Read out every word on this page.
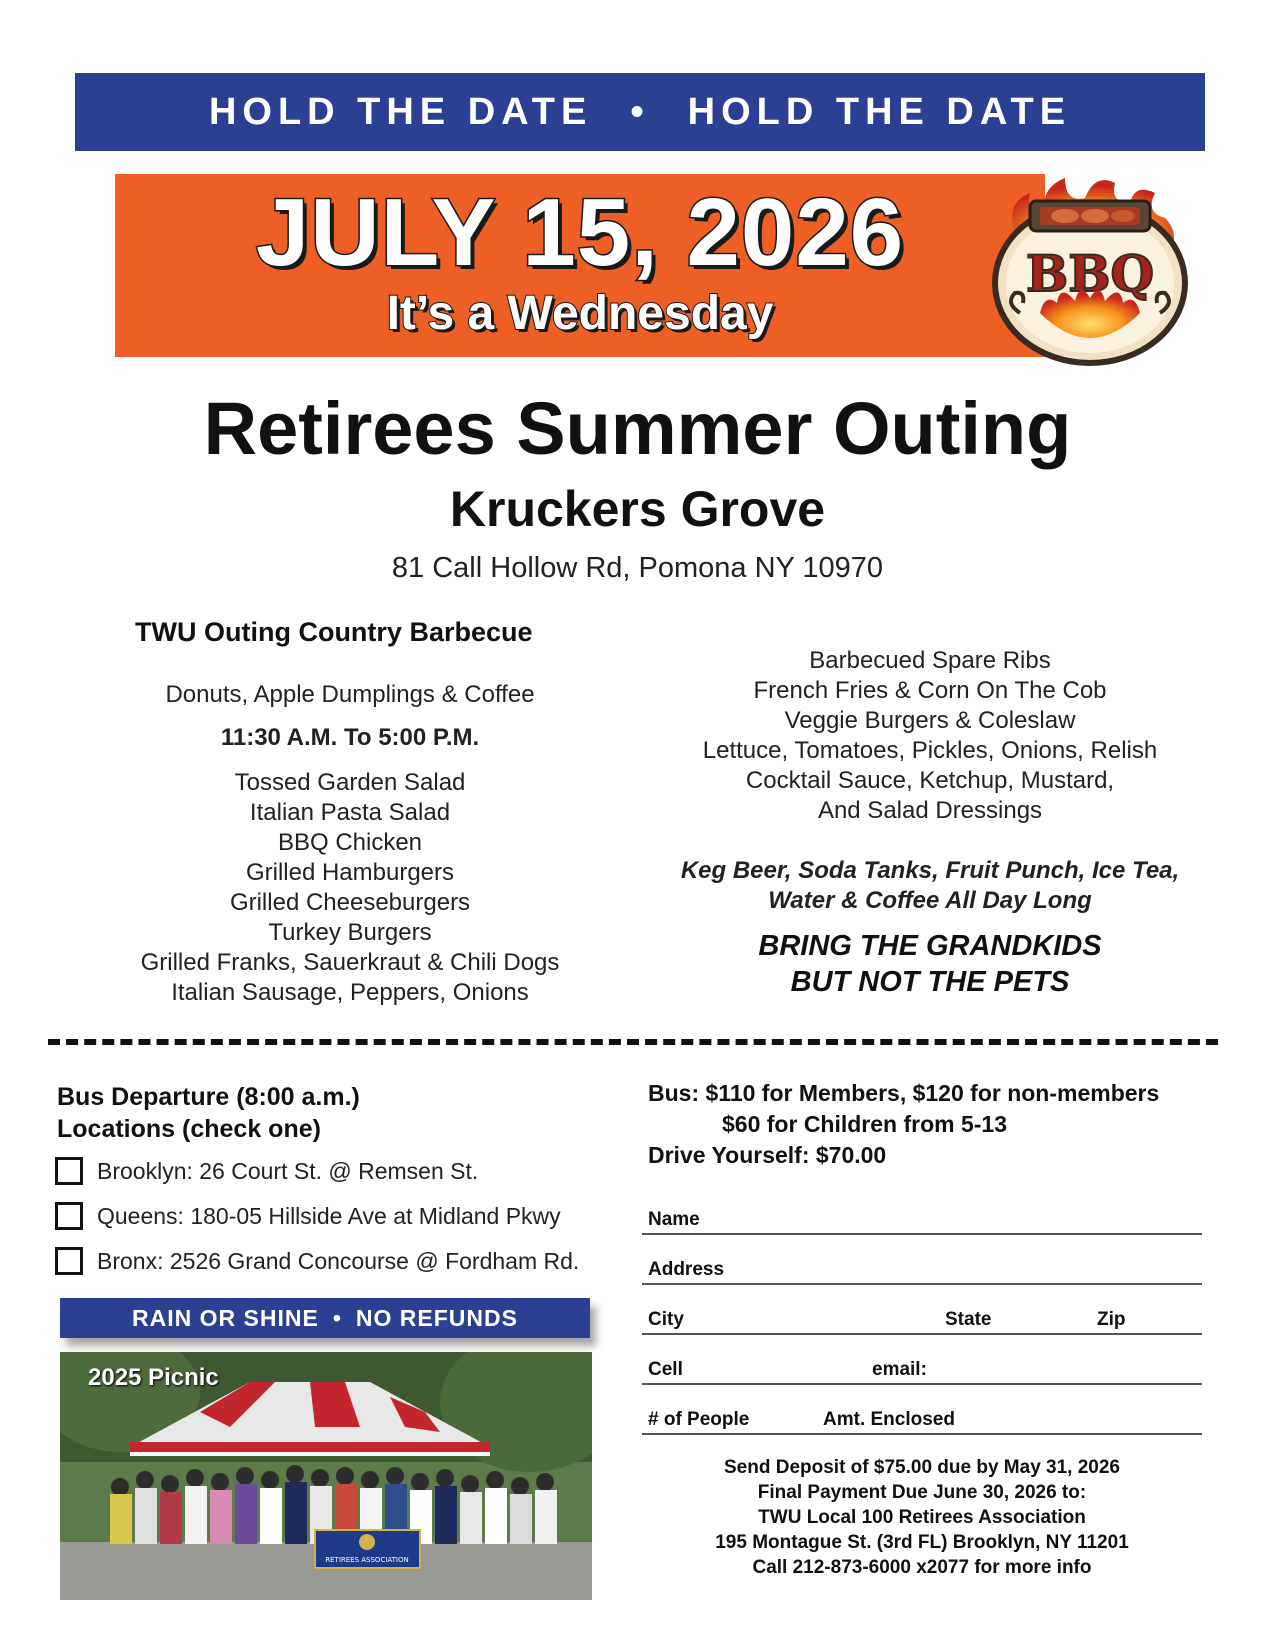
HOLD THE DATE • HOLD THE DATE
JULY 15, 2026
It’s a Wednesday
BBQ
Retirees Summer Outing
Kruckers Grove
81 Call Hollow Rd, Pomona NY 10970
TWU Outing Country Barbecue
Donuts, Apple Dumplings & Coffee
11:30 A.M. To 5:00 P.M.
Tossed Garden Salad
Italian Pasta Salad
BBQ Chicken
Grilled Hamburgers
Grilled Cheeseburgers
Turkey Burgers
Grilled Franks, Sauerkraut & Chili Dogs
Italian Sausage, Peppers, Onions
Barbecued Spare Ribs
French Fries & Corn On The Cob
Veggie Burgers & Coleslaw
Lettuce, Tomatoes, Pickles, Onions, Relish
Cocktail Sauce, Ketchup, Mustard,
And Salad Dressings
Keg Beer, Soda Tanks, Fruit Punch, Ice Tea,
Water & Coffee All Day Long
BRING THE GRANDKIDS
BUT NOT THE PETS
Bus Departure (8:00 a.m.)
Locations (check one)
Brooklyn: 26 Court St. @ Remsen St.
Queens: 180-05 Hillside Ave at Midland Pkwy
Bronx: 2526 Grand Concourse @ Fordham Rd.
RAIN OR SHINE • NO REFUNDS
RETIREES ASSOCIATION
2025 Picnic
Bus: $110 for Members, $120 for non-members
$60 for Children from 5-13
Drive Yourself: $70.00
Name
Address
City	State	Zip
Cell	email:
# of People	Amt. Enclosed
Send Deposit of $75.00 due by May 31, 2026
Final Payment Due June 30, 2026 to:
TWU Local 100 Retirees Association
195 Montague St. (3rd FL) Brooklyn, NY 11201
Call 212-873-6000 x2077 for more info
